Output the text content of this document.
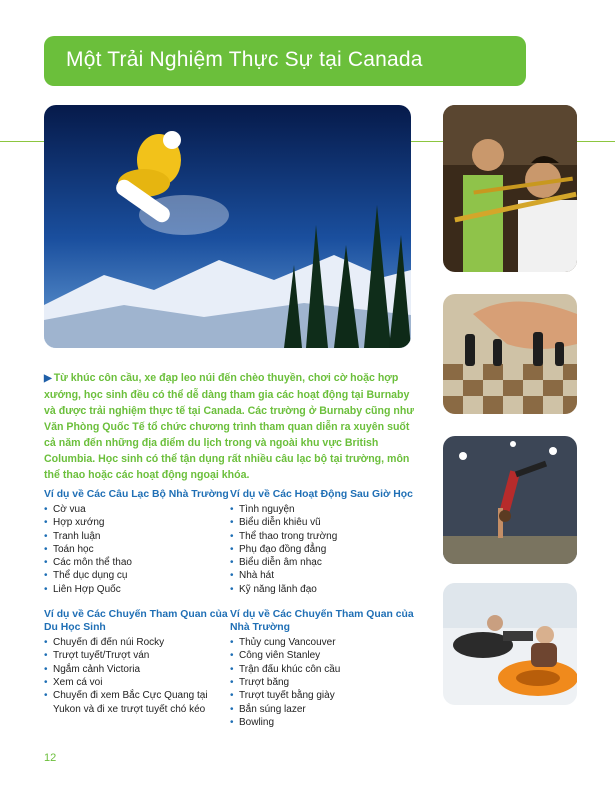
Một Trải Nghiệm Thực Sự tại Canada
▶ Từ khúc côn cầu, xe đạp leo núi đến chèo thuyền, chơi cờ hoặc hợp xướng, học sinh đều có thể dễ dàng tham gia các hoạt động tại Burnaby và được trải nghiệm thực tế tại Canada. Các trường ở Burnaby cũng như Văn Phòng Quốc Tế tổ chức chương trình tham quan diễn ra xuyên suốt cả năm đến những địa điểm du lịch trong và ngoài khu vực British Columbia. Học sinh có thể tận dụng rất nhiều câu lạc bộ tại trường, môn thể thao hoặc các hoạt động ngoại khóa.
Ví dụ về Các Câu Lạc Bộ Nhà Trường
• Cờ vua
• Hợp xướng
• Tranh luận
• Toán học
• Các môn thể thao
• Thể dục dụng cụ
• Liên Hợp Quốc
Ví dụ về Các Chuyến Tham Quan của Du Học Sinh
• Chuyến đi đến núi Rocky
• Trượt tuyết/Trượt ván
• Ngắm cảnh Victoria
• Xem cá voi
• Chuyến đi xem Bắc Cực Quang tại Yukon và đi xe trượt tuyết chó kéo
Ví dụ về Các Hoạt Động Sau Giờ Học
• Tình nguyện
• Biểu diễn khiêu vũ
• Thể thao trong trường
• Phụ đạo đồng đẳng
• Biểu diễn âm nhạc
• Nhà hát
• Kỹ năng lãnh đạo
Ví dụ về Các Chuyến Tham Quan của Nhà Trường
• Thủy cung Vancouver
• Công viên Stanley
• Trận đấu khúc côn cầu
• Trượt băng
• Trượt tuyết bằng giày
• Bắn súng lazer
• Bowling
12
